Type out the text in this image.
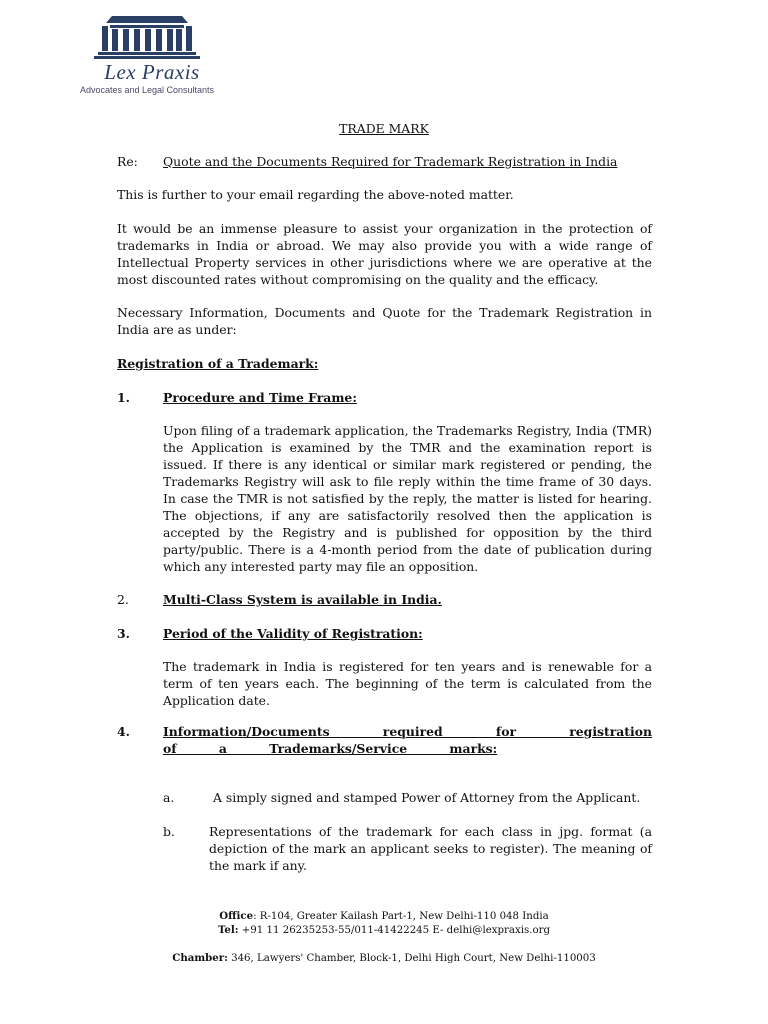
Lex Praxis
Advocates and Legal Consultants
TRADE MARK
Re: Quote and the Documents Required for Trademark Registration in India
This is further to your email regarding the above-noted matter.
It would be an immense pleasure to assist your organization in the protection of trademarks in India or abroad. We may also provide you with a wide range of Intellectual Property services in other jurisdictions where we are operative at the most discounted rates without compromising on the quality and the efficacy.
Necessary Information, Documents and Quote for the Trademark Registration in India are as under:
Registration of a Trademark:
1.	Procedure and Time Frame:
Upon filing of a trademark application, the Trademarks Registry, India (TMR) the Application is examined by the TMR and the examination report is issued. If there is any identical or similar mark registered or pending, the Trademarks Registry will ask to file reply within the time frame of 30 days. In case the TMR is not satisfied by the reply, the matter is listed for hearing. The objections, if any are satisfactorily resolved then the application is accepted by the Registry and is published for opposition by the third party/public. There is a 4-month period from the date of publication during which any interested party may file an opposition.
2.	Multi-Class System is available in India.
3.	Period of the Validity of Registration:
The trademark in India is registered for ten years and is renewable for a term of ten years each. The beginning of the term is calculated from the Application date.
4.	Information/Documents required for registration of a Trademarks/Service marks:
a.	A simply signed and stamped Power of Attorney from the Applicant.
b.	Representations of the trademark for each class in jpg. format (a depiction of the mark an applicant seeks to register). The meaning of the mark if any.
Office: R-104, Greater Kailash Part-1, New Delhi-110 048 India
Tel: +91 11 26235253-55/011-41422245 E- delhi@lexpraxis.org
Chamber: 346, Lawyers' Chamber, Block-1, Delhi High Court, New Delhi-110003
